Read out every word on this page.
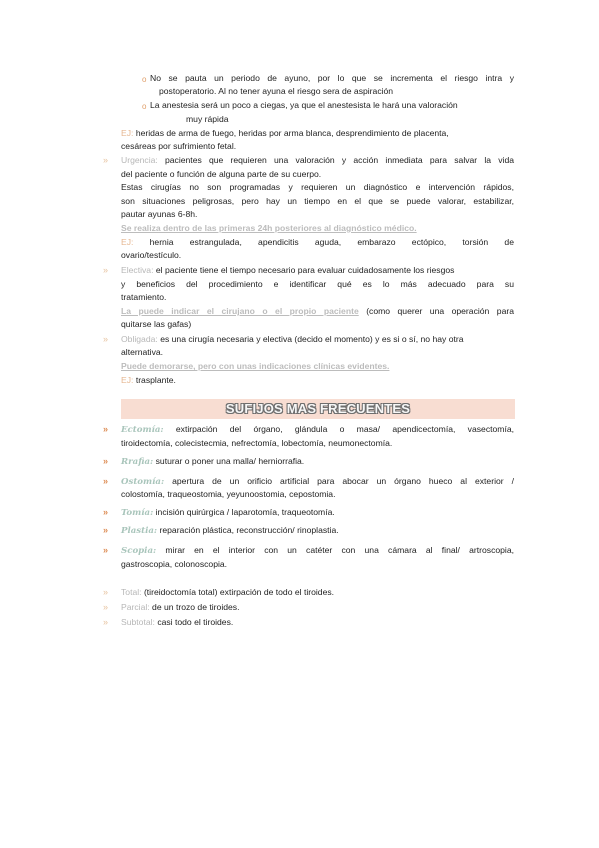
o No se pauta un periodo de ayuno, por lo que se incrementa el riesgo intra y
postoperatorio. Al no tener ayuna el riesgo sera de aspiración
o La anestesia será un poco a ciegas, ya que el anestesista le hará una valoración
muy rápida
EJ: heridas de arma de fuego, heridas por arma blanca, desprendimiento de placenta,
cesáreas por sufrimiento fetal.
» Urgencia: pacientes que requieren una valoración y acción inmediata para salvar la vida
del paciente o función de alguna parte de su cuerpo.
Estas cirugías no son programadas y requieren un diagnóstico e intervención rápidos,
son situaciones peligrosas, pero hay un tiempo en el que se puede valorar, estabilizar,
pautar ayunas 6-8h.
Se realiza dentro de las primeras 24h posteriores al diagnóstico médico.
EJ: hernia estrangulada, apendicitis aguda, embarazo ectópico, torsión de
ovario/testículo.
» Electiva: el paciente tiene el tiempo necesario para evaluar cuidadosamente los riesgos
y beneficios del procedimiento e identificar qué es lo más adecuado para su
tratamiento.
La puede indicar el cirujano o el propio paciente (como querer una operación para
quitarse las gafas)
» Obligada: es una cirugía necesaria y electiva (decido el momento) y es si o sí, no hay otra
alternativa.
Puede demorarse, pero con unas indicaciones clínicas evidentes.
EJ: trasplante.
SUFIJOS MAS FRECUENTES
» Ectomía: extirpación del órgano, glándula o masa/ apendicectomía, vasectomía,
tiroidectomía, colecistecmia, nefrectomía, lobectomía, neumonectomía.
» Rrafia: suturar o poner una malla/ herniorrafia.
» Ostomía: apertura de un orificio artificial para abocar un órgano hueco al exterior /
colostomía, traqueostomia, yeyunoostomia, cepostomia.
» Tomía: incisión quirúrgica / laparotomía, traqueotomía.
» Plastia: reparación plástica, reconstrucción/ rinoplastia.
» Scopia: mirar en el interior con un catéter con una cámara al final/ artroscopia,
gastroscopia, colonoscopia.
» Total: (tireidoctomía total) extirpación de todo el tiroides.
» Parcial: de un trozo de tiroides.
» Subtotal: casi todo el tiroides.
